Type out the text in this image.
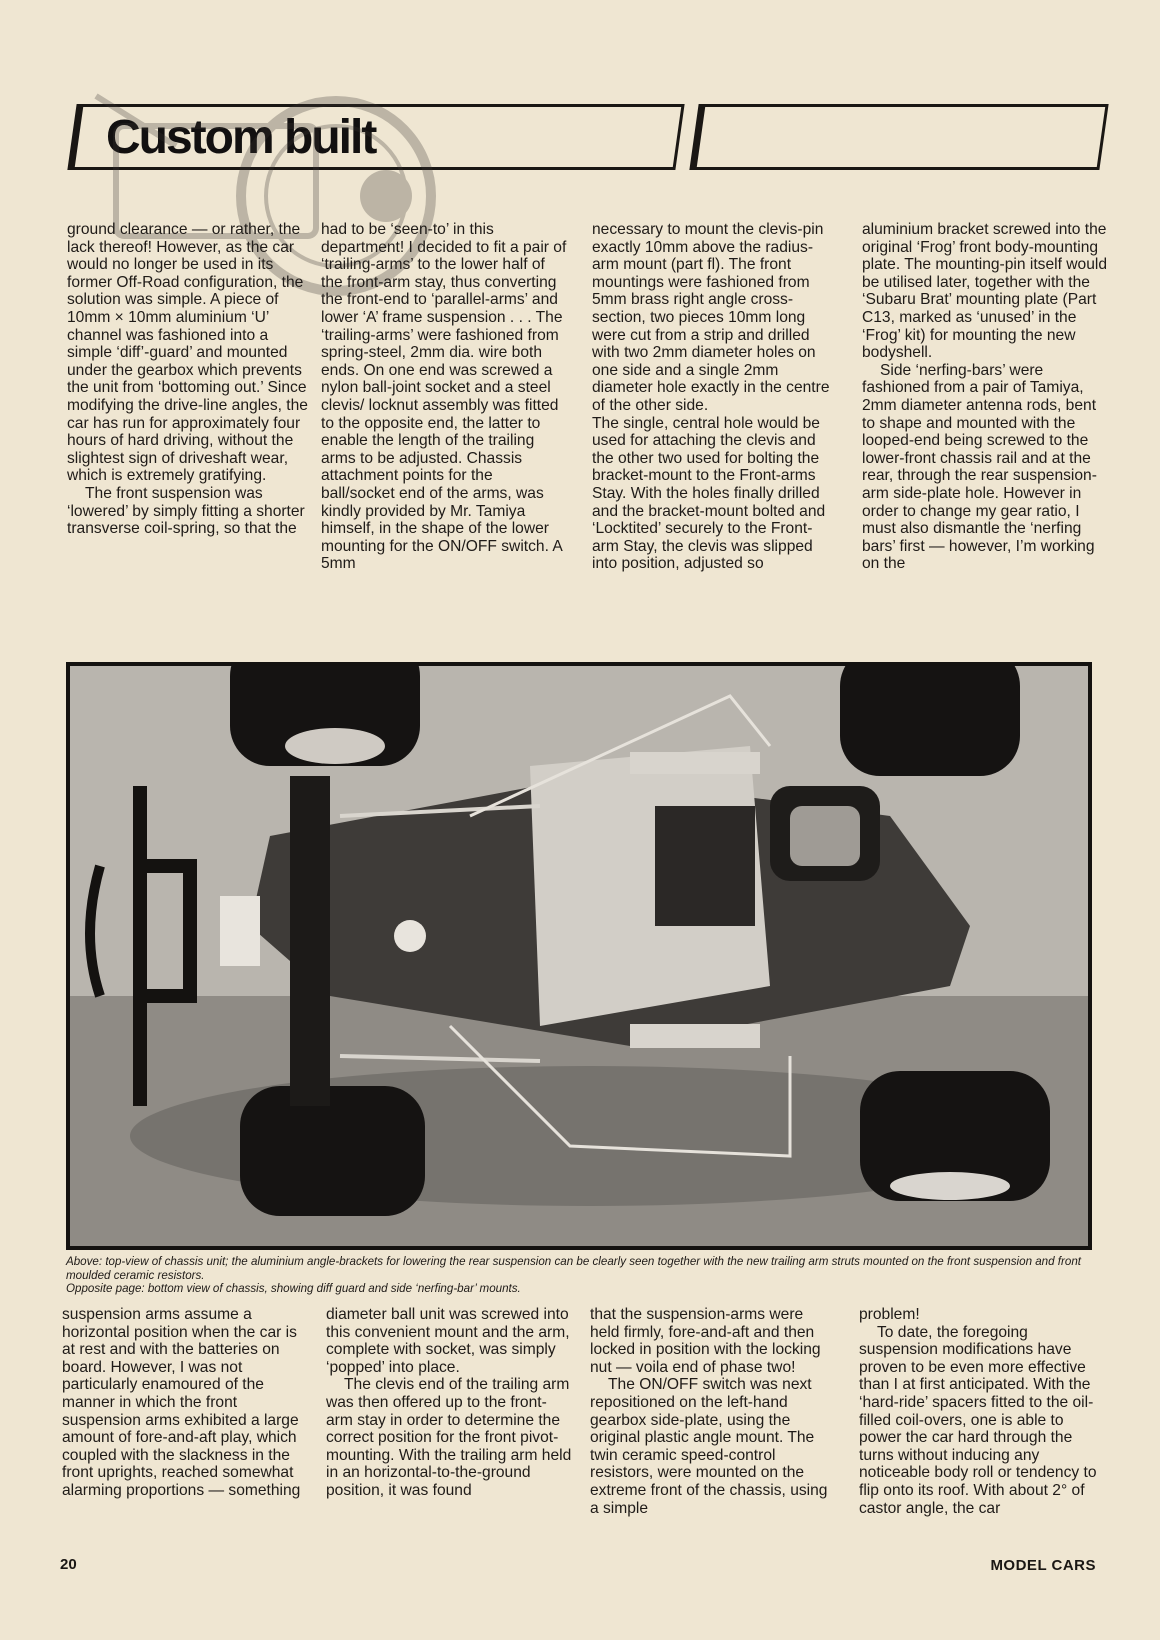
Custom built

ground clearance — or rather, the lack thereof! However, as the car would no longer be used in its former Off-Road configuration, the solution was simple. A piece of 10mm × 10mm aluminium ‘U’ channel was fashioned into a simple ‘diff’-guard’ and mounted under the gearbox which prevents the unit from ‘bottoming out.’ Since modifying the drive-line angles, the car has run for approximately four hours of hard driving, without the slightest sign of driveshaft wear, which is extremely gratifying.

The front suspension was ‘lowered’ by simply fitting a shorter transverse coil-spring, so that the

had to be ‘seen-to’ in this department! I decided to fit a pair of ‘trailing-arms’ to the lower half of the front-arm stay, thus converting the front-end to ‘parallel-arms’ and lower ‘A’ frame suspension . . . The ‘trailing-arms’ were fashioned from spring-steel, 2mm dia. wire both ends. On one end was screwed a nylon ball-joint socket and a steel clevis/ locknut assembly was fitted to the opposite end, the latter to enable the length of the trailing arms to be adjusted. Chassis attachment points for the ball/socket end of the arms, was kindly provided by Mr. Tamiya himself, in the shape of the lower mounting for the ON/OFF switch. A 5mm

necessary to mount the clevis-pin exactly 10mm above the radius-arm mount (part fl). The front mountings were fashioned from 5mm brass right angle cross-section, two pieces 10mm long were cut from a strip and drilled with two 2mm diameter holes on one side and a single 2mm diameter hole exactly in the centre of the other side.

The single, central hole would be used for attaching the clevis and the other two used for bolting the bracket-mount to the Front-arms Stay. With the holes finally drilled and the bracket-mount bolted and ‘Locktited’ securely to the Front-arm Stay, the clevis was slipped into position, adjusted so

aluminium bracket screwed into the original ‘Frog’ front body-mounting plate. The mounting-pin itself would be utilised later, together with the ‘Subaru Brat’ mounting plate (Part C13, marked as ‘unused’ in the ‘Frog’ kit) for mounting the new bodyshell.

Side ‘nerfing-bars’ were fashioned from a pair of Tamiya, 2mm diameter antenna rods, bent to shape and mounted with the looped-end being screwed to the lower-front chassis rail and at the rear, through the rear suspension-arm side-plate hole. However in order to change my gear ratio, I must also dismantle the ‘nerfing bars’ first — however, I’m working on the

Above: top-view of chassis unit; the aluminium angle-brackets for lowering the rear suspension can be clearly seen together with the new trailing arm struts mounted on the front suspension and front moulded ceramic resistors.

Opposite page: bottom view of chassis, showing diff guard and side ‘nerfing-bar’ mounts.

suspension arms assume a horizontal position when the car is at rest and with the batteries on board. However, I was not particularly enamoured of the manner in which the front suspension arms exhibited a large amount of fore-and-aft play, which coupled with the slackness in the front uprights, reached somewhat alarming proportions — something

diameter ball unit was screwed into this convenient mount and the arm, complete with socket, was simply ‘popped’ into place.

The clevis end of the trailing arm was then offered up to the front-arm stay in order to determine the correct position for the front pivot-mounting. With the trailing arm held in an horizontal-to-the-ground position, it was found

that the suspension-arms were held firmly, fore-and-aft and then locked in position with the locking nut — voila end of phase two!

The ON/OFF switch was next repositioned on the left-hand gearbox side-plate, using the original plastic angle mount. The twin ceramic speed-control resistors, were mounted on the extreme front of the chassis, using a simple

problem!

To date, the foregoing suspension modifications have proven to be even more effective than I at first anticipated. With the ‘hard-ride’ spacers fitted to the oil-filled coil-overs, one is able to power the car hard through the turns without inducing any noticeable body roll or tendency to flip onto its roof. With about 2° of castor angle, the car

20	MODEL CARS
